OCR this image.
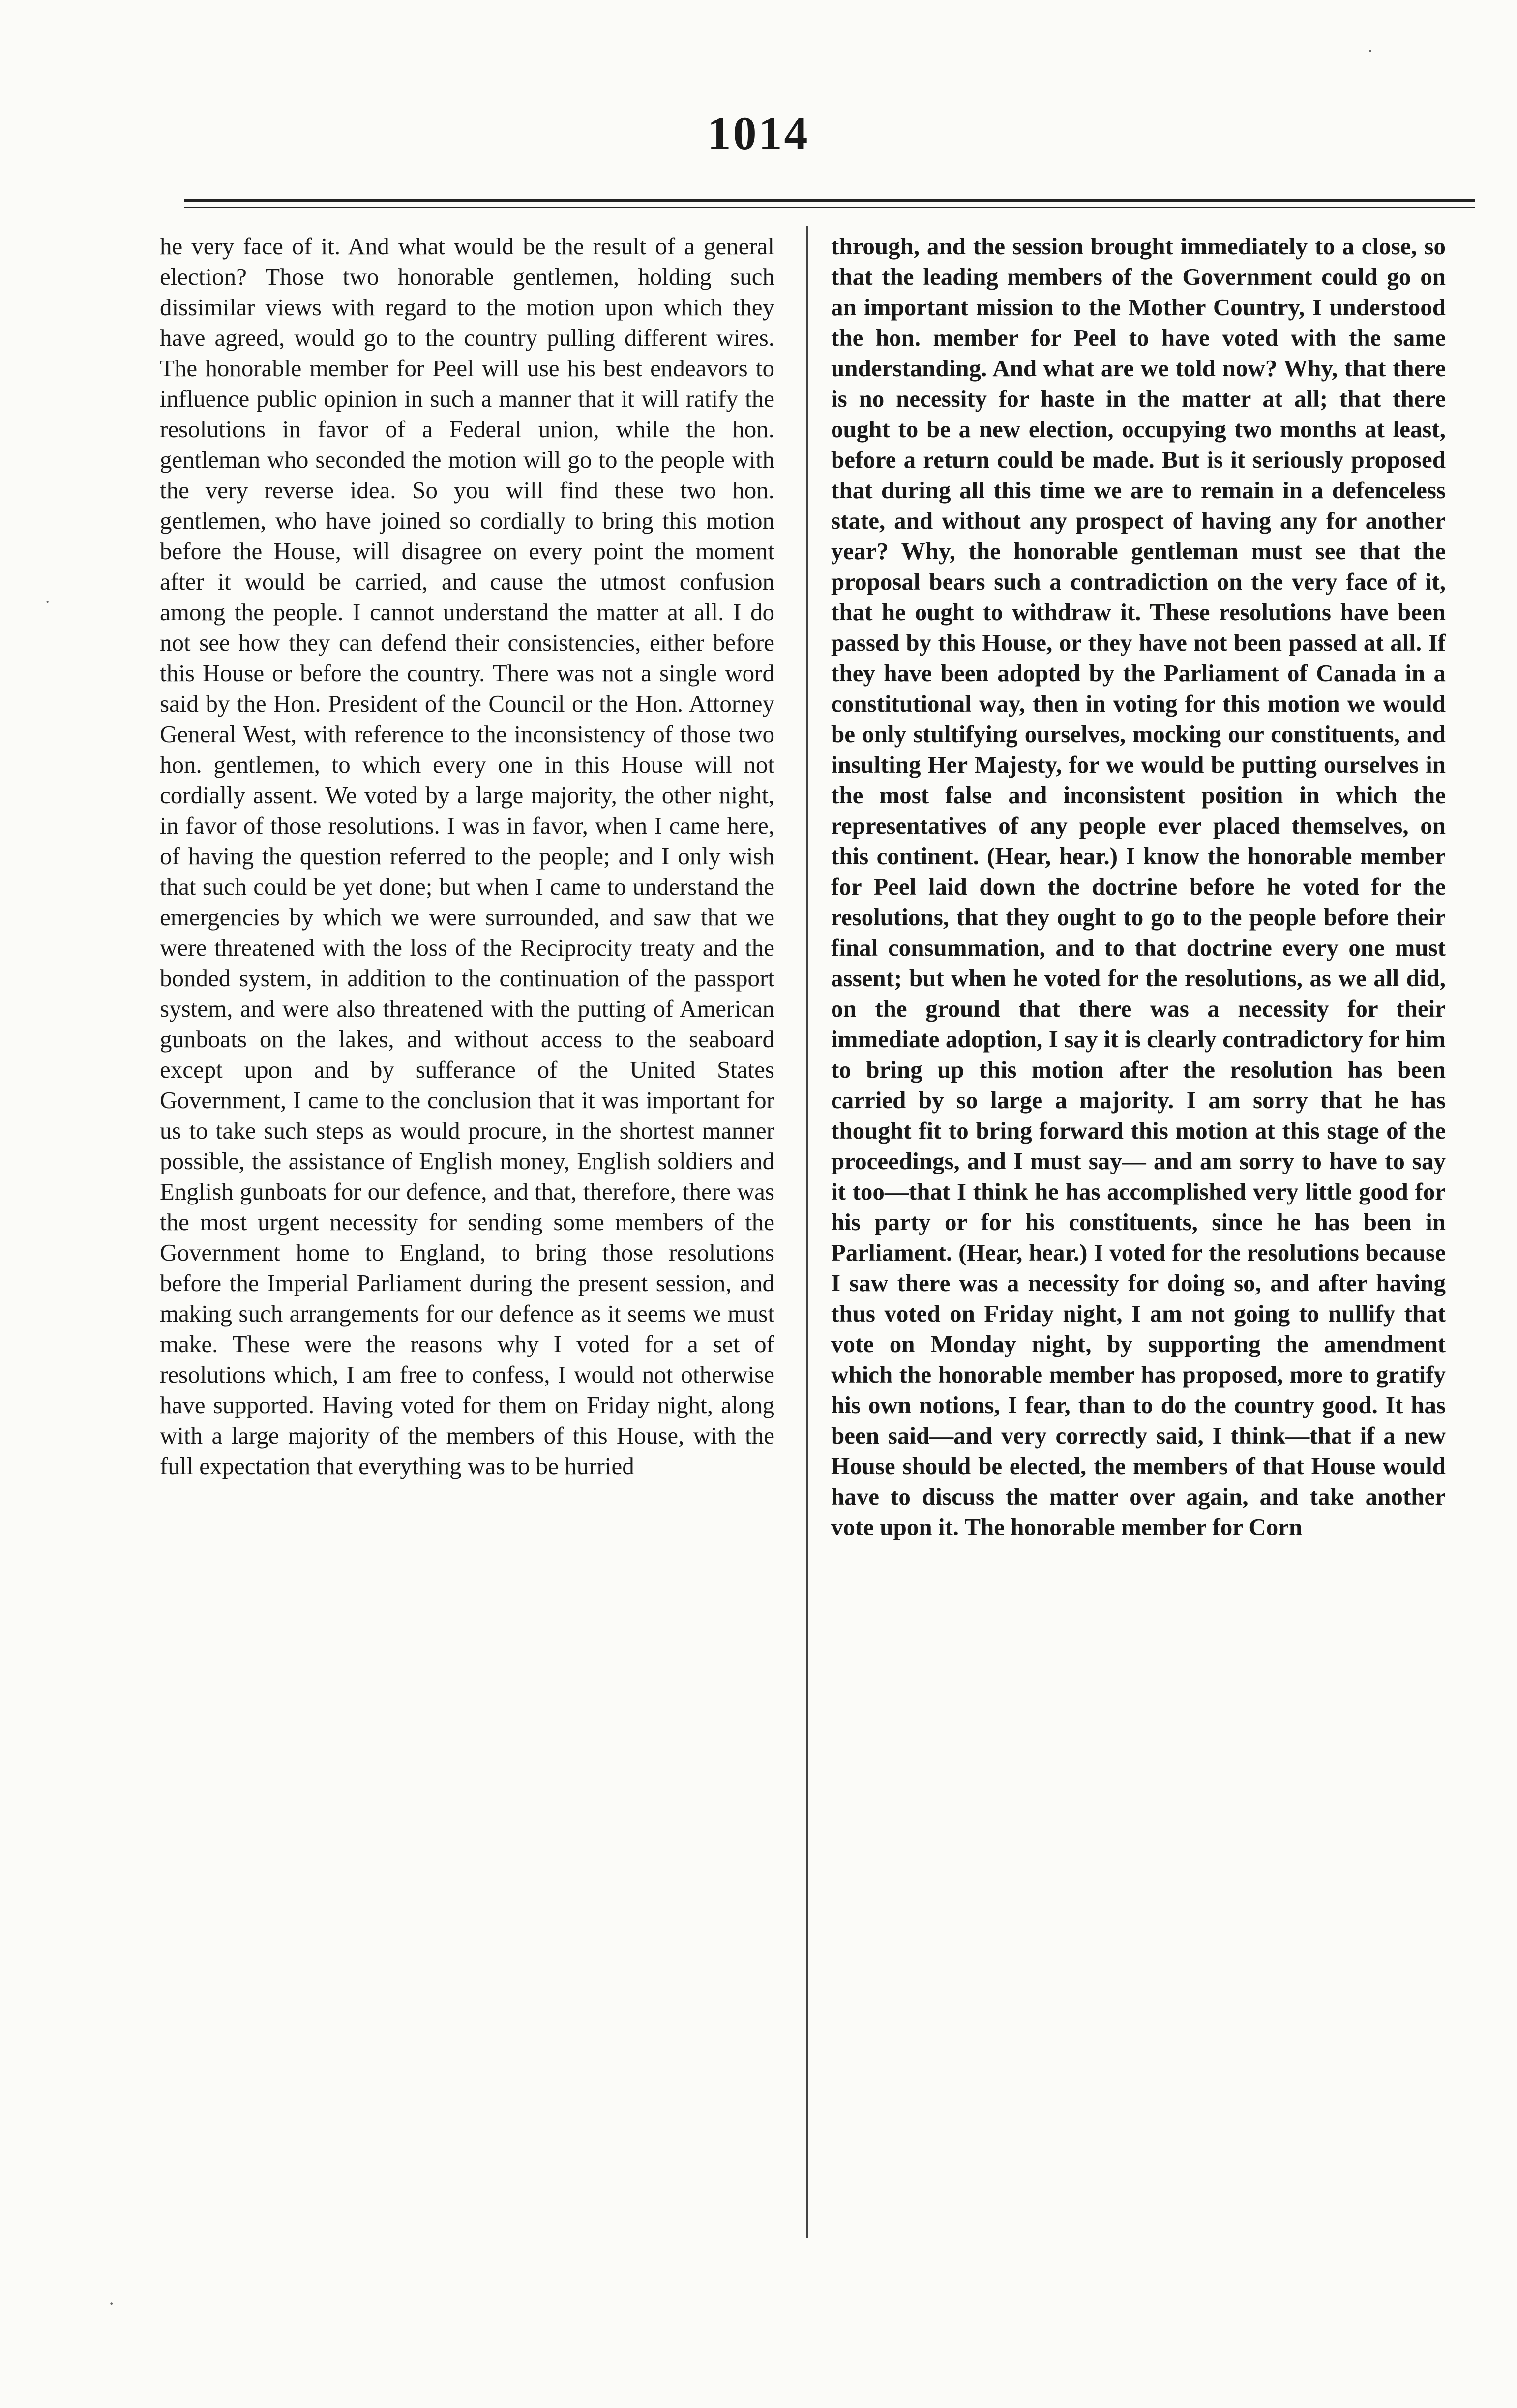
1014
he very face of it. And what would be the result of a general election? Those two honorable gentlemen, holding such dissimilar views with regard to the motion upon which they have agreed, would go to the country pulling different wires. The honorable member for Peel will use his best endeavors to influence public opinion in such a manner that it will ratify the resolutions in favor of a Federal union, while the hon. gentleman who seconded the motion will go to the people with the very reverse idea. So you will find these two hon. gentlemen, who have joined so cordially to bring this motion before the House, will disagree on every point the moment after it would be carried, and cause the utmost confusion among the people. I cannot understand the matter at all. I do not see how they can defend their consistencies, either before this House or before the country. There was not a single word said by the Hon. President of the Council or the Hon. Attorney General West, with reference to the inconsistency of those two hon. gentlemen, to which every one in this House will not cordially assent. We voted by a large majority, the other night, in favor of those resolutions. I was in favor, when I came here, of having the question referred to the people; and I only wish that such could be yet done; but when I came to understand the emergencies by which we were surrounded, and saw that we were threatened with the loss of the Reciprocity treaty and the bonded system, in addition to the continuation of the passport system, and were also threatened with the putting of American gunboats on the lakes, and without access to the seaboard except upon and by sufferance of the United States Government, I came to the conclusion that it was important for us to take such steps as would procure, in the shortest manner possible, the assistance of English money, English soldiers and English gunboats for our defence, and that, therefore, there was the most urgent necessity for sending some members of the Government home to England, to bring those resolutions before the Imperial Parliament during the present session, and making such arrangements for our defence as it seems we must make. These were the reasons why I voted for a set of resolutions which, I am free to confess, I would not otherwise have supported. Having voted for them on Friday night, along with a large majority of the members of this House, with the full expectation that everything was to be hurried
through, and the session brought immediately to a close, so that the leading members of the Government could go on an important mission to the Mother Country, I understood the hon. member for Peel to have voted with the same understanding. And what are we told now? Why, that there is no necessity for haste in the matter at all; that there ought to be a new election, occupying two months at least, before a return could be made. But is it seriously proposed that during all this time we are to remain in a defenceless state, and without any prospect of having any for another year? Why, the honorable gentleman must see that the proposal bears such a contradiction on the very face of it, that he ought to withdraw it. These resolutions have been passed by this House, or they have not been passed at all. If they have been adopted by the Parliament of Canada in a constitutional way, then in voting for this motion we would be only stultifying ourselves, mocking our constituents, and insulting Her Majesty, for we would be putting ourselves in the most false and inconsistent position in which the representatives of any people ever placed themselves, on this continent. (Hear, hear.) I know the honorable member for Peel laid down the doctrine before he voted for the resolutions, that they ought to go to the people before their final consummation, and to that doctrine every one must assent; but when he voted for the resolutions, as we all did, on the ground that there was a necessity for their immediate adoption, I say it is clearly contradictory for him to bring up this motion after the resolution has been carried by so large a majority. I am sorry that he has thought fit to bring forward this motion at this stage of the proceedings, and I must say— and am sorry to have to say it too—that I think he has accomplished very little good for his party or for his constituents, since he has been in Parliament. (Hear, hear.) I voted for the resolutions because I saw there was a necessity for doing so, and after having thus voted on Friday night, I am not going to nullify that vote on Monday night, by supporting the amendment which the honorable member has proposed, more to gratify his own notions, I fear, than to do the country good. It has been said—and very correctly said, I think—that if a new House should be elected, the members of that House would have to discuss the matter over again, and take another vote upon it. The honorable member for Corn
·
·
·
